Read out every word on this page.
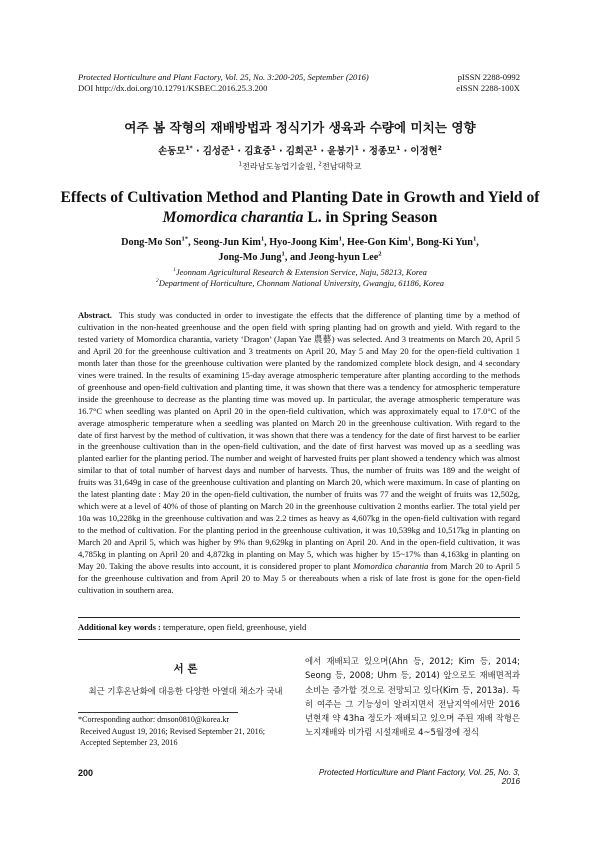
Protected Horticulture and Plant Factory, Vol. 25, No. 3:200-205, September (2016)
DOI http://dx.doi.org/10.12791/KSBEC.2016.25.3.200
pISSN 2288-0992
eISSN 2288-100X
여주 봄 작형의 재배방법과 정식기가 생육과 수량에 미치는 영향
손동모$^{1*}$ · 김성준$^1$ · 김효중$^1$ · 김희곤$^1$ · 윤봉기$^1$ · 정종모$^1$ · 이정현$^2$
$^1$전라남도농업기술원, $^2$전남대학교
Effects of Cultivation Method and Planting Date in Growth and Yield of
Momordica charantia L. in Spring Season
Dong-Mo Son$^{1*}$, Seong-Jun Kim$^1$, Hyo-Joong Kim$^1$, Hee-Gon Kim$^1$, Bong-Ki Yun$^1$,
Jong-Mo Jung$^1$, and Jeong-hyun Lee$^2$
$^1$Jeonnam Agricultural Research & Extension Service, Naju, 58213, Korea
$^2$Department of Horticulture, Chonnam National University, Gwangju, 61186, Korea

Abstract. This study was conducted in order to investigate the effects that the difference of planting time by a method of cultivation in the non-heated greenhouse and the open field with spring planting had on growth and yield. With regard to the tested variety of Momordica charantia, variety ‘Dragon’ (Japan Yae 農藝) was selected. And 3 treatments on March 20, April 5 and April 20 for the greenhouse cultivation and 3 treatments on April 20, May 5 and May 20 for the open-field cultivation 1 month later than those for the greenhouse cultivation were planted by the randomized complete block design, and 4 secondary vines were trained. In the results of examining 15-day average atmospheric temperature after planting according to the methods of greenhouse and open-field cultivation and planting time, it was shown that there was a tendency for atmospheric temperature inside the greenhouse to decrease as the planting time was moved up. In particular, the average atmospheric temperature was 16.7°C when seedling was planted on April 20 in the open-field cultivation, which was approximately equal to 17.0°C of the average atmospheric temperature when a seedling was planted on March 20 in the greenhouse cultivation. With regard to the date of first harvest by the method of cultivation, it was shown that there was a tendency for the date of first harvest to be earlier in the greenhouse cultivation than in the open-field cultivation, and the date of first harvest was moved up as a seedling was planted earlier for the planting period. The number and weight of harvested fruits per plant showed a tendency which was almost similar to that of total number of harvest days and number of harvests. Thus, the number of fruits was 189 and the weight of fruits was 31,649g in case of the greenhouse cultivation and planting on March 20, which were maximum. In case of planting on the latest planting date : May 20 in the open-field cultivation, the number of fruits was 77 and the weight of fruits was 12,502g, which were at a level of 40% of those of planting on March 20 in the greenhouse cultivation 2 months earlier. The total yield per 10a was 10,228kg in the greenhouse cultivation and was 2.2 times as heavy as 4,607kg in the open-field cultivation with regard to the method of cultivation. For the planting period in the greenhouse cultivation, it was 10,539kg and 10,517kg in planting on March 20 and April 5, which was higher by 9% than 9,629kg in planting on April 20. And in the open-field cultivation, it was 4,785kg in planting on April 20 and 4,872kg in planting on May 5, which was higher by 15~17% than 4,163kg in planting on May 20. Taking the above results into account, it is considered proper to plant Momordica charantia from March 20 to April 5 for the greenhouse cultivation and from April 20 to May 5 or thereabouts when a risk of late frost is gone for the open-field cultivation in southern area.

Additional key words : temperature, open field, greenhouse, yield
서 론
최근 기후온난화에 대응한 다양한 아열대 채소가 국내
*Corresponding author: dmson0810@korea.kr
Received August 19, 2016; Revised September 21, 2016;
Accepted September 23, 2016

에서 재배되고 있으며(Ahn 등, 2012; Kim 등, 2014; Seong 등, 2008; Uhm 등, 2014) 앞으로도 재배면적과 소비는 증가할 것으로 전망되고 있다(Kim 등, 2013a). 특히 여주는 그 기능성이 알려지면서 전남지역에서만 2016년현재 약 43ha 정도가 재배되고 있으며 주된 재배 작형은 노지재배와 비가림 시설재배로 4~5월경에 정식

200	Protected Horticulture and Plant Factory, Vol. 25, No. 3, 2016
